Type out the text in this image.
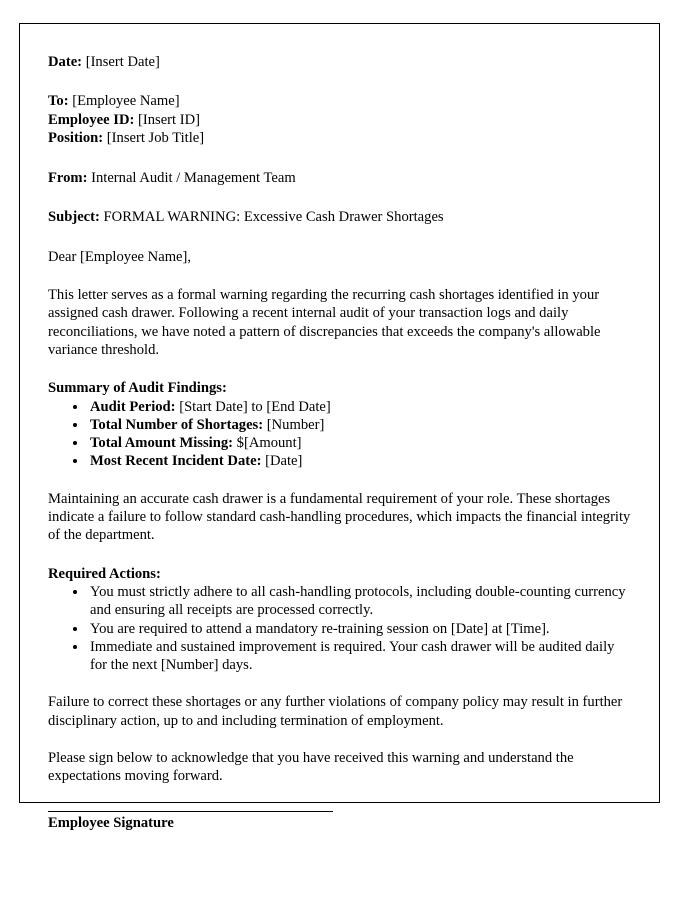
Date: [Insert Date]

To: [Employee Name]

Employee ID: [Insert ID]

Position: [Insert Job Title]

From: Internal Audit / Management Team

Subject: FORMAL WARNING: Excessive Cash Drawer Shortages

Dear [Employee Name],

This letter serves as a formal warning regarding the recurring cash shortages identified in your assigned cash drawer. Following a recent internal audit of your transaction logs and daily reconciliations, we have noted a pattern of discrepancies that exceeds the company's allowable variance threshold.

Summary of Audit Findings:

• Audit Period: [Start Date] to [End Date]
• Total Number of Shortages: [Number]
• Total Amount Missing: $[Amount]
• Most Recent Incident Date: [Date]

Maintaining an accurate cash drawer is a fundamental requirement of your role. These shortages indicate a failure to follow standard cash-handling procedures, which impacts the financial integrity of the department.

Required Actions:

• You must strictly adhere to all cash-handling protocols, including double-counting currency and ensuring all receipts are processed correctly.
• You are required to attend a mandatory re-training session on [Date] at [Time].
• Immediate and sustained improvement is required. Your cash drawer will be audited daily for the next [Number] days.

Failure to correct these shortages or any further violations of company policy may result in further disciplinary action, up to and including termination of employment.

Please sign below to acknowledge that you have received this warning and understand the expectations moving forward.

Employee Signature
